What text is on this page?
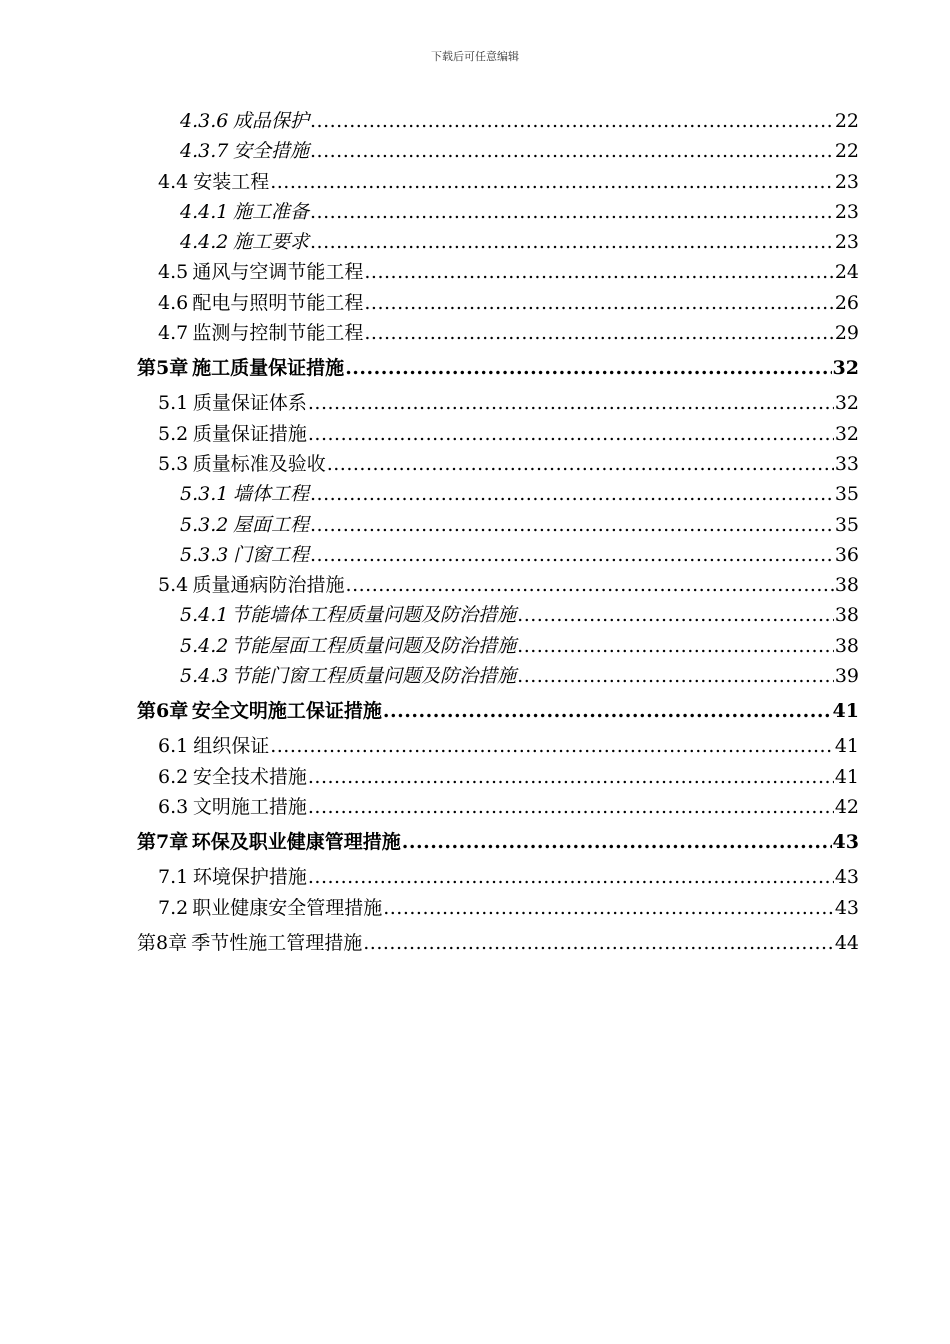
下载后可任意编辑
4.3.6 成品保护 .....	22
4.3.7 安全措施 .....	22
4.4 安装工程 .....	23
4.4.1 施工准备 .....	23
4.4.2 施工要求 .....	23
4.5 通风与空调节能工程 .....	24
4.6 配电与照明节能工程 .....	26
4.7 监测与控制节能工程 .....	29
第5章 施工质量保证措施 .....	32
5.1 质量保证体系 .....	32
5.2 质量保证措施 .....	32
5.3 质量标准及验收 .....	33
5.3.1 墙体工程 .....	35
5.3.2 屋面工程 .....	35
5.3.3 门窗工程 .....	36
5.4 质量通病防治措施 .....	38
5.4.1 节能墙体工程质量问题及防治措施 .....	38
5.4.2 节能屋面工程质量问题及防治措施 .....	38
5.4.3 节能门窗工程质量问题及防治措施 .....	39
第6章 安全文明施工保证措施 .....	41
6.1 组织保证 .....	41
6.2 安全技术措施 .....	41
6.3 文明施工措施 .....	42
第7章 环保及职业健康管理措施 .....	43
7.1 环境保护措施 .....	43
7.2 职业健康安全管理措施 .....	43
第8章 季节性施工管理措施 .....	44
